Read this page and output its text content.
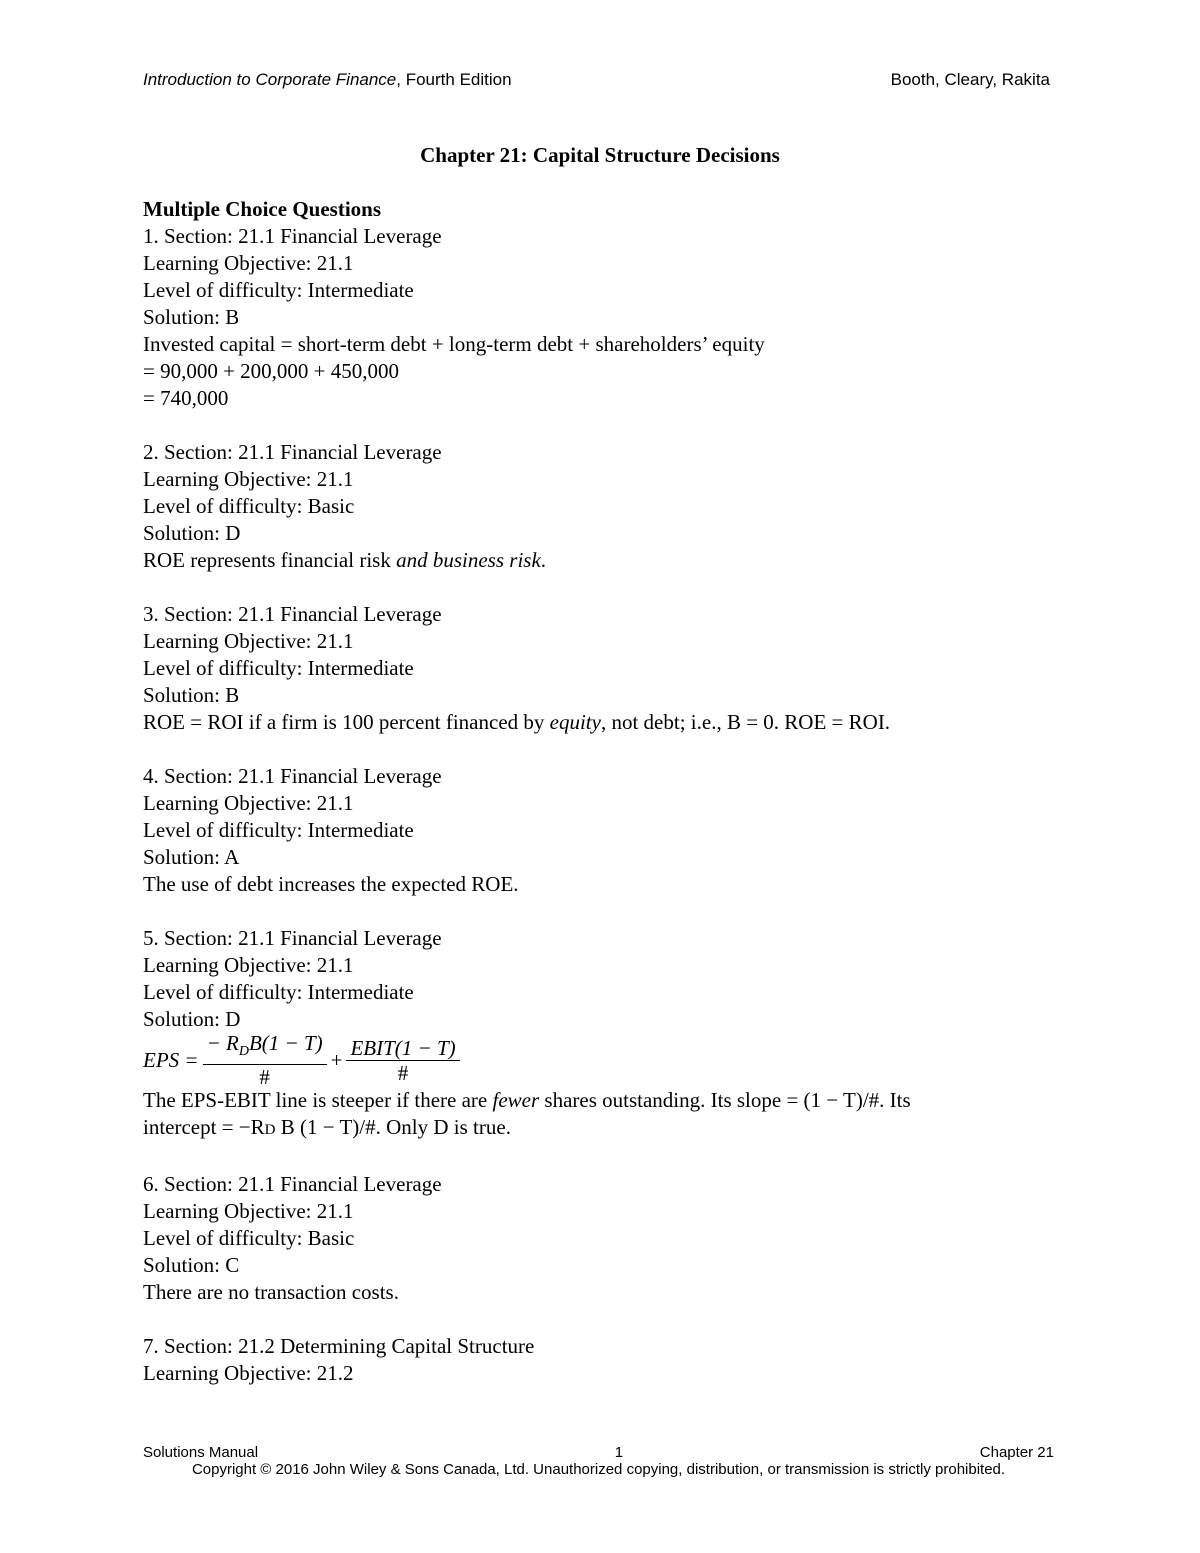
Introduction to Corporate Finance, Fourth Edition	Booth, Cleary, Rakita
Chapter 21: Capital Structure Decisions
Multiple Choice Questions
1. Section: 21.1 Financial Leverage
Learning Objective: 21.1
Level of difficulty: Intermediate
Solution: B
Invested capital = short-term debt + long-term debt + shareholders’ equity
= 90,000 + 200,000 + 450,000
= 740,000
2. Section: 21.1 Financial Leverage
Learning Objective: 21.1
Level of difficulty: Basic
Solution: D
ROE represents financial risk and business risk.
3. Section: 21.1 Financial Leverage
Learning Objective: 21.1
Level of difficulty: Intermediate
Solution: B
ROE = ROI if a firm is 100 percent financed by equity, not debt; i.e., B = 0. ROE = ROI.
4. Section: 21.1 Financial Leverage
Learning Objective: 21.1
Level of difficulty: Intermediate
Solution: A
The use of debt increases the expected ROE.
5. Section: 21.1 Financial Leverage
Learning Objective: 21.1
Level of difficulty: Intermediate
Solution: D
EPS = $\frac{- R_DB(1 - T)}{\#} + \frac{\text{EBIT(1 − T)}}{\#}$
The EPS-EBIT line is steeper if there are fewer shares outstanding. Its slope = (1 − T)/#. Its
intercept = −RD B (1 − T)/#. Only D is true.
6. Section: 21.1 Financial Leverage
Learning Objective: 21.1
Level of difficulty: Basic
Solution: C
There are no transaction costs.
7. Section: 21.2 Determining Capital Structure
Learning Objective: 21.2
Solutions Manual	1	Chapter 21
Copyright © 2016 John Wiley & Sons Canada, Ltd. Unauthorized copying, distribution, or transmission is strictly prohibited.
